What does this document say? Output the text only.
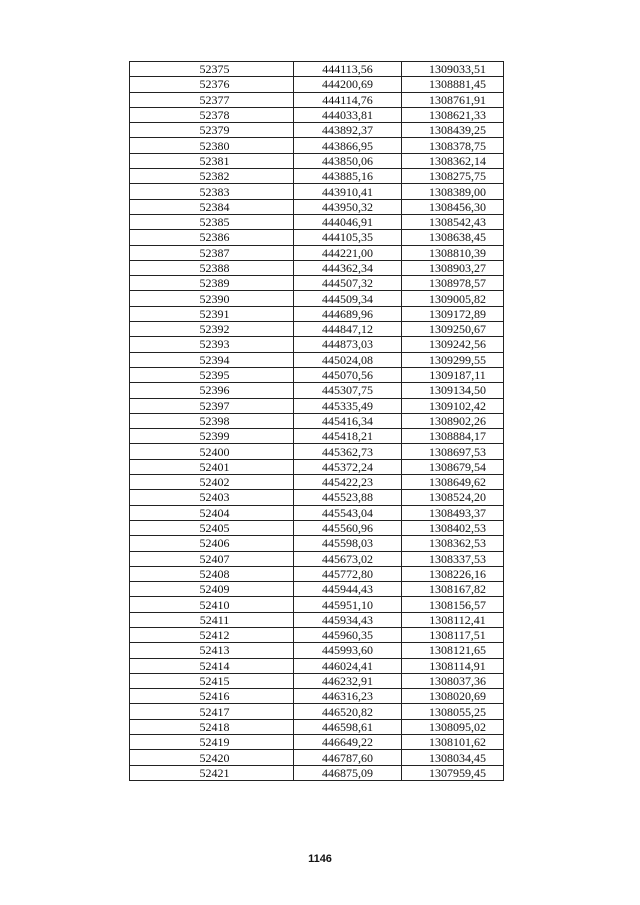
52375	444113,56	1309033,51
52376	444200,69	1308881,45
52377	444114,76	1308761,91
52378	444033,81	1308621,33
52379	443892,37	1308439,25
52380	443866,95	1308378,75
52381	443850,06	1308362,14
52382	443885,16	1308275,75
52383	443910,41	1308389,00
52384	443950,32	1308456,30
52385	444046,91	1308542,43
52386	444105,35	1308638,45
52387	444221,00	1308810,39
52388	444362,34	1308903,27
52389	444507,32	1308978,57
52390	444509,34	1309005,82
52391	444689,96	1309172,89
52392	444847,12	1309250,67
52393	444873,03	1309242,56
52394	445024,08	1309299,55
52395	445070,56	1309187,11
52396	445307,75	1309134,50
52397	445335,49	1309102,42
52398	445416,34	1308902,26
52399	445418,21	1308884,17
52400	445362,73	1308697,53
52401	445372,24	1308679,54
52402	445422,23	1308649,62
52403	445523,88	1308524,20
52404	445543,04	1308493,37
52405	445560,96	1308402,53
52406	445598,03	1308362,53
52407	445673,02	1308337,53
52408	445772,80	1308226,16
52409	445944,43	1308167,82
52410	445951,10	1308156,57
52411	445934,43	1308112,41
52412	445960,35	1308117,51
52413	445993,60	1308121,65
52414	446024,41	1308114,91
52415	446232,91	1308037,36
52416	446316,23	1308020,69
52417	446520,82	1308055,25
52418	446598,61	1308095,02
52419	446649,22	1308101,62
52420	446787,60	1308034,45
52421	446875,09	1307959,45
1146
